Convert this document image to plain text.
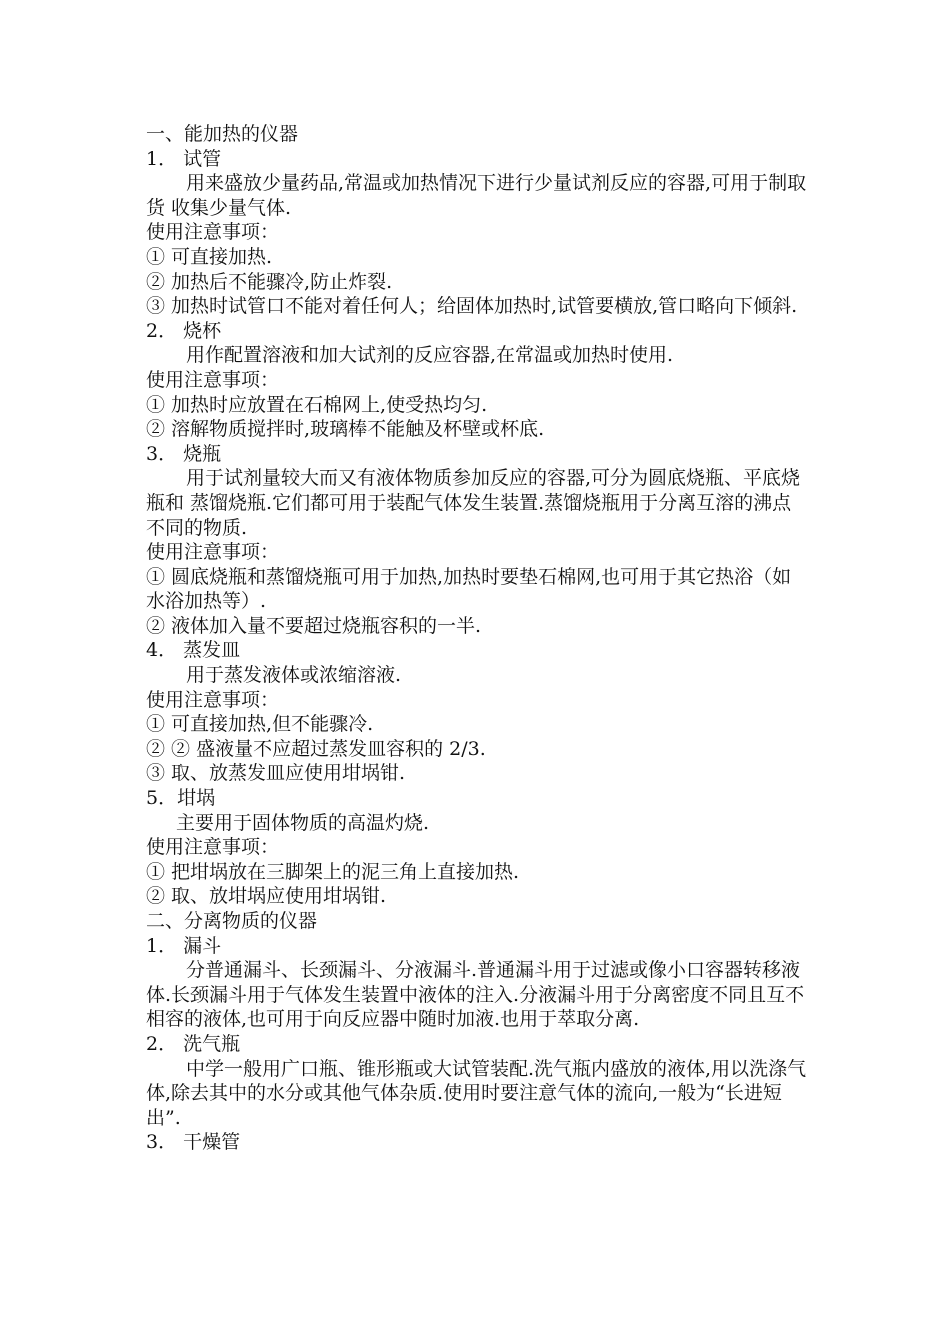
一、能加热的仪器
1． 试管
用来盛放少量药品,常温或加热情况下进行少量试剂反应的容器,可用于制取货 收集少量气体.
使用注意事项：
① 可直接加热.
② 加热后不能骤冷,防止炸裂.
③ 加热时试管口不能对着任何人；给固体加热时,试管要横放,管口略向下倾斜.
2． 烧杯
用作配置溶液和加大试剂的反应容器,在常温或加热时使用.
使用注意事项：
① 加热时应放置在石棉网上,使受热均匀.
② 溶解物质搅拌时,玻璃棒不能触及杯壁或杯底.
3． 烧瓶
用于试剂量较大而又有液体物质参加反应的容器,可分为圆底烧瓶、平底烧瓶和 蒸馏烧瓶.它们都可用于装配气体发生装置.蒸馏烧瓶用于分离互溶的沸点不同的物质.
使用注意事项：
① 圆底烧瓶和蒸馏烧瓶可用于加热,加热时要垫石棉网,也可用于其它热浴（如水浴加热等）.
② 液体加入量不要超过烧瓶容积的一半.
4． 蒸发皿
用于蒸发液体或浓缩溶液.
使用注意事项：
① 可直接加热,但不能骤冷.
② ② 盛液量不应超过蒸发皿容积的 2/3.
③ 取、放蒸发皿应使用坩埚钳.
5．坩埚
主要用于固体物质的高温灼烧.
使用注意事项：
① 把坩埚放在三脚架上的泥三角上直接加热.
② 取、放坩埚应使用坩埚钳.
二、分离物质的仪器
1． 漏斗
分普通漏斗、长颈漏斗、分液漏斗.普通漏斗用于过滤或像小口容器转移液体.长颈漏斗用于气体发生装置中液体的注入.分液漏斗用于分离密度不同且互不相容的液体,也可用于向反应器中随时加液.也用于萃取分离.
2． 洗气瓶
中学一般用广口瓶、锥形瓶或大试管装配.洗气瓶内盛放的液体,用以洗涤气 体,除去其中的水分或其他气体杂质.使用时要注意气体的流向,一般为“长进短出”.
3． 干燥管
